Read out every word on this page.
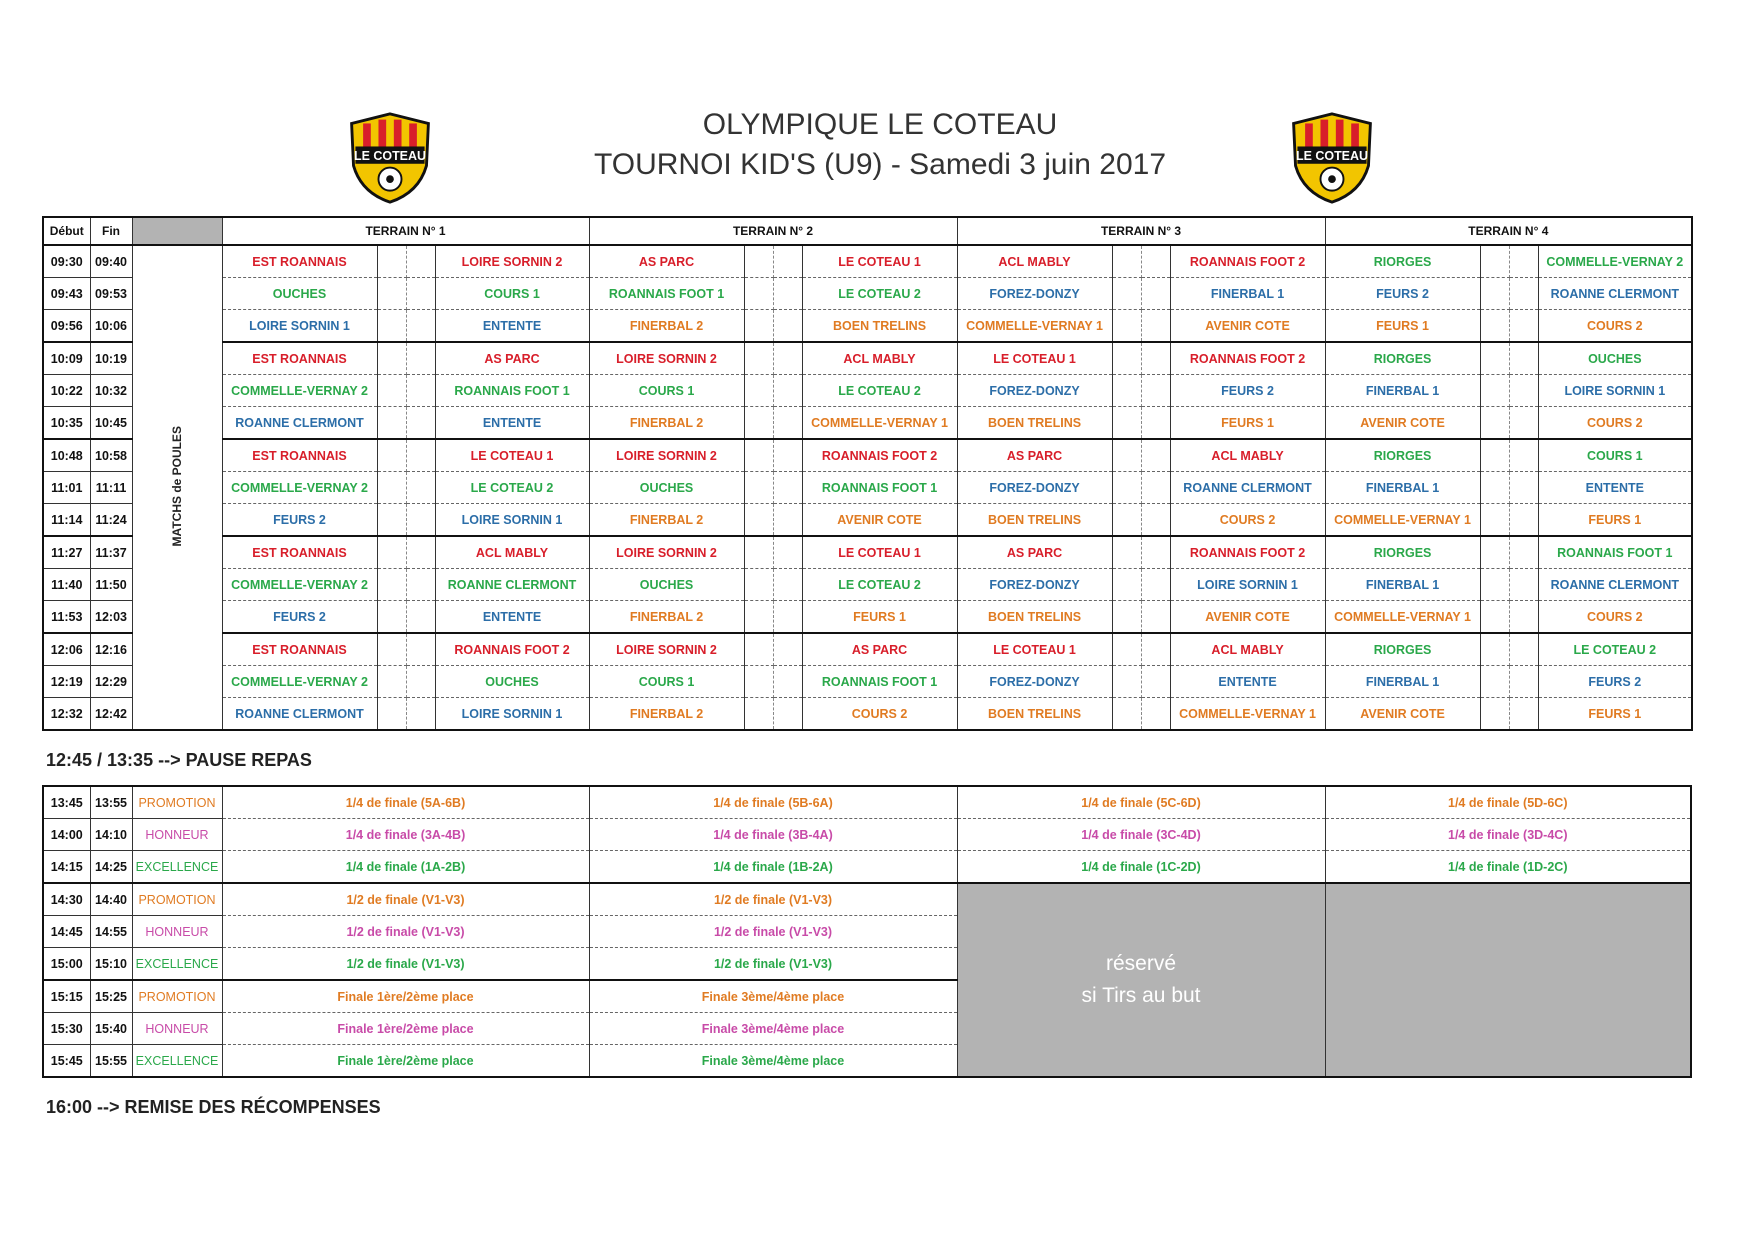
LE COTEAU	LE COTEAU
OLYMPIQUE LE COTEAU
TOURNOI KID'S (U9) - Samedi 3 juin 2017
Début	Fin		TERRAIN N° 1				TERRAIN N° 2				TERRAIN N° 3				TERRAIN N° 4			
09:30	09:40	MATCHS de POULES	EST ROANNAIS			LOIRE SORNIN 2	AS PARC			LE COTEAU 1	ACL MABLY			ROANNAIS FOOT 2	RIORGES			COMMELLE-VERNAY 2
09:43	09:53		OUCHES			COURS 1	ROANNAIS FOOT 1			LE COTEAU 2	FOREZ-DONZY			FINERBAL 1	FEURS 2			ROANNE CLERMONT
09:56	10:06		LOIRE SORNIN 1			ENTENTE	FINERBAL 2			BOEN TRELINS	COMMELLE-VERNAY 1			AVENIR COTE	FEURS 1			COURS 2
10:09	10:19		EST ROANNAIS			AS PARC	LOIRE SORNIN 2			ACL MABLY	LE COTEAU 1			ROANNAIS FOOT 2	RIORGES			OUCHES
10:22	10:32		COMMELLE-VERNAY 2			ROANNAIS FOOT 1	COURS 1			LE COTEAU 2	FOREZ-DONZY			FEURS 2	FINERBAL 1			LOIRE SORNIN 1
10:35	10:45		ROANNE CLERMONT			ENTENTE	FINERBAL 2			COMMELLE-VERNAY 1	BOEN TRELINS			FEURS 1	AVENIR COTE			COURS 2
10:48	10:58		EST ROANNAIS			LE COTEAU 1	LOIRE SORNIN 2			ROANNAIS FOOT 2	AS PARC			ACL MABLY	RIORGES			COURS 1
11:01	11:11		COMMELLE-VERNAY 2			LE COTEAU 2	OUCHES			ROANNAIS FOOT 1	FOREZ-DONZY			ROANNE CLERMONT	FINERBAL 1			ENTENTE
11:14	11:24		FEURS 2			LOIRE SORNIN 1	FINERBAL 2			AVENIR COTE	BOEN TRELINS			COURS 2	COMMELLE-VERNAY 1			FEURS 1
11:27	11:37		EST ROANNAIS			ACL MABLY	LOIRE SORNIN 2			LE COTEAU 1	AS PARC			ROANNAIS FOOT 2	RIORGES			ROANNAIS FOOT 1
11:40	11:50		COMMELLE-VERNAY 2			ROANNE CLERMONT	OUCHES			LE COTEAU 2	FOREZ-DONZY			LOIRE SORNIN 1	FINERBAL 1			ROANNE CLERMONT
11:53	12:03		FEURS 2			ENTENTE	FINERBAL 2			FEURS 1	BOEN TRELINS			AVENIR COTE	COMMELLE-VERNAY 1			COURS 2
12:06	12:16		EST ROANNAIS			ROANNAIS FOOT 2	LOIRE SORNIN 2			AS PARC	LE COTEAU 1			ACL MABLY	RIORGES			LE COTEAU 2
12:19	12:29		COMMELLE-VERNAY 2			OUCHES	COURS 1			ROANNAIS FOOT 1	FOREZ-DONZY			ENTENTE	FINERBAL 1			FEURS 2
12:32	12:42		ROANNE CLERMONT			LOIRE SORNIN 1	FINERBAL 2			COURS 2	BOEN TRELINS			COMMELLE-VERNAY 1	AVENIR COTE			FEURS 1
12:45 / 13:35 --> PAUSE REPAS
13:45	13:55	PROMOTION	1/4 de finale (5A-6B)	1/4 de finale (5B-6A)	1/4 de finale (5C-6D)	1/4 de finale (5D-6C)
14:00	14:10	HONNEUR	1/4 de finale (3A-4B)	1/4 de finale (3B-4A)	1/4 de finale (3C-4D)	1/4 de finale (3D-4C)
14:15	14:25	EXCELLENCE	1/4 de finale (1A-2B)	1/4 de finale (1B-2A)	1/4 de finale (1C-2D)	1/4 de finale (1D-2C)
14:30	14:40	PROMOTION	1/2 de finale (V1-V3)	1/2 de finale (V1-V3)	réservé
si Tirs au but	
14:45	14:55	HONNEUR	1/2 de finale (V1-V3)	1/2 de finale (V1-V3)		
15:00	15:10	EXCELLENCE	1/2 de finale (V1-V3)	1/2 de finale (V1-V3)		
15:15	15:25	PROMOTION	Finale 1ère/2ème place	Finale 3ème/4ème place		
15:30	15:40	HONNEUR	Finale 1ère/2ème place	Finale 3ème/4ème place		
15:45	15:55	EXCELLENCE	Finale 1ère/2ème place	Finale 3ème/4ème place		
16:00 --> REMISE DES RÉCOMPENSES
